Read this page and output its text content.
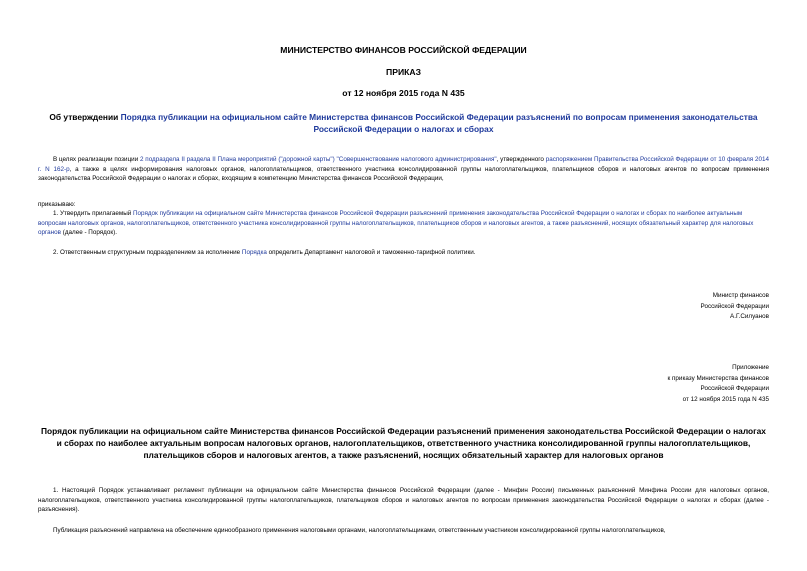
МИНИСТЕРСТВО ФИНАНСОВ РОССИЙСКОЙ ФЕДЕРАЦИИ
ПРИКАЗ
от 12 ноября 2015 года N 435
Об утверждении Порядка публикации на официальном сайте Министерства финансов Российской Федерации разъяснений по вопросам применения законодательства Российской Федерации о налогах и сборах
В целях реализации позиции 2 подраздела II раздела II Плана мероприятий ("дорожной карты") "Совершенствование налогового администрирования", утвержденного распоряжением Правительства Российской Федерации от 10 февраля 2014 г. N 162-р, а также в целях информирования налоговых органов, налогоплательщиков, ответственного участника консолидированной группы налогоплательщиков, плательщиков сборов и налоговых агентов по вопросам применения законодательства Российской Федерации о налогах и сборах, входящим в компетенцию Министерства финансов Российской Федерации,
приказываю:
1. Утвердить прилагаемый Порядок публикации на официальном сайте Министерства финансов Российской Федерации разъяснений применения законодательства Российской Федерации о налогах и сборах по наиболее актуальным вопросам налоговых органов, налогоплательщиков, ответственного участника консолидированной группы налогоплательщиков, плательщиков сборов и налоговых агентов, а также разъяснений, носящих обязательный характер для налоговых органов (далее - Порядок).
2. Ответственным структурным подразделением за исполнение Порядка определить Департамент налоговой и таможенно-тарифной политики.
Министр финансов
Российской Федерации
А.Г.Силуанов
Приложение
к приказу Министерства финансов
Российской Федерации
от 12 ноября 2015 года N 435
Порядок публикации на официальном сайте Министерства финансов Российской Федерации разъяснений применения законодательства Российской Федерации о налогах и сборах по наиболее актуальным вопросам налоговых органов, налогоплательщиков, ответственного участника консолидированной группы налогоплательщиков, плательщиков сборов и налоговых агентов, а также разъяснений, носящих обязательный характер для налоговых органов
1. Настоящий Порядок устанавливает регламент публикации на официальном сайте Министерства финансов Российской Федерации (далее - Минфин России) письменных разъяснений Минфина России для налоговых органов, налогоплательщиков, ответственного участника консолидированной группы налогоплательщиков, плательщиков сборов и налоговых агентов по вопросам применения законодательства Российской Федерации о налогах и сборах (далее - разъяснения).
Публикация разъяснений направлена на обеспечение единообразного применения налоговыми органами, налогоплательщиками, ответственным участником консолидированной группы налогоплательщиков,
